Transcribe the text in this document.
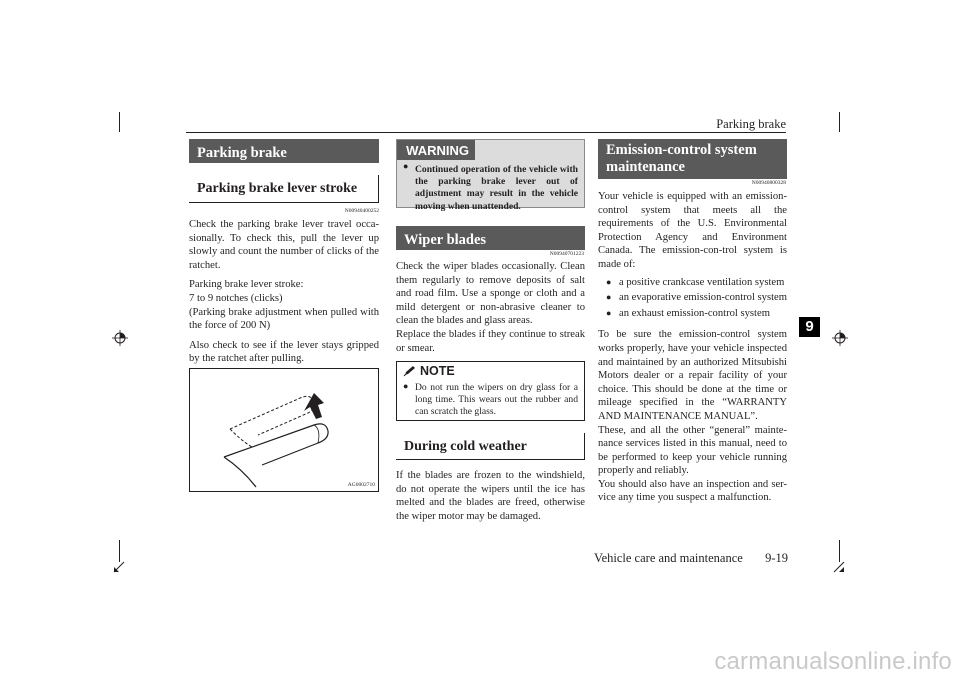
Parking brake
9
Parking brake
Parking brake lever stroke
N00940400252

Check the parking brake lever travel occa-sionally. To check this, pull the lever up slowly and count the number of clicks of the ratchet.

Parking brake lever stroke:
7 to 9 notches (clicks)
(Parking brake adjustment when pulled with the force of 200 N)

Also check to see if the lever stays gripped by the ratchet after pulling.

AG0002710
WARNING
● Continued operation of the vehicle with the parking brake lever out of adjustment may result in the vehicle moving when unattended.
Wiper blades
N00940701223

Check the wiper blades occasionally. Clean them regularly to remove deposits of salt and road film. Use a sponge or cloth and a mild detergent or non-abrasive cleaner to clean the blades and glass areas.
Replace the blades if they continue to streak or smear.

NOTE
● Do not run the wipers on dry glass for a long time. This wears out the rubber and can scratch the glass.
During cold weather

If the blades are frozen to the windshield, do not operate the wipers until the ice has melted and the blades are freed, otherwise the wiper motor may be damaged.

Emission-control system maintenance
N00940800328

Your vehicle is equipped with an emission-control system that meets all the requirements of the U.S. Environmental Protection Agency and Environment Canada. The emission-con-trol system is made of:

● a positive crankcase ventilation system
● an evaporative emission-control system
● an exhaust emission-control system

To be sure the emission-control system works properly, have your vehicle inspected and maintained by an authorized Mitsubishi Motors dealer or a repair facility of your choice. This should be done at the time or mileage specified in the “WARRANTY AND MAINTENANCE MANUAL”.
These, and all the other “general” mainte-nance services listed in this manual, need to be performed to keep your vehicle running properly and reliably.
You should also have an inspection and ser-vice any time you suspect a malfunction.

Vehicle care and maintenance 9-19
carmanualsonline.info
